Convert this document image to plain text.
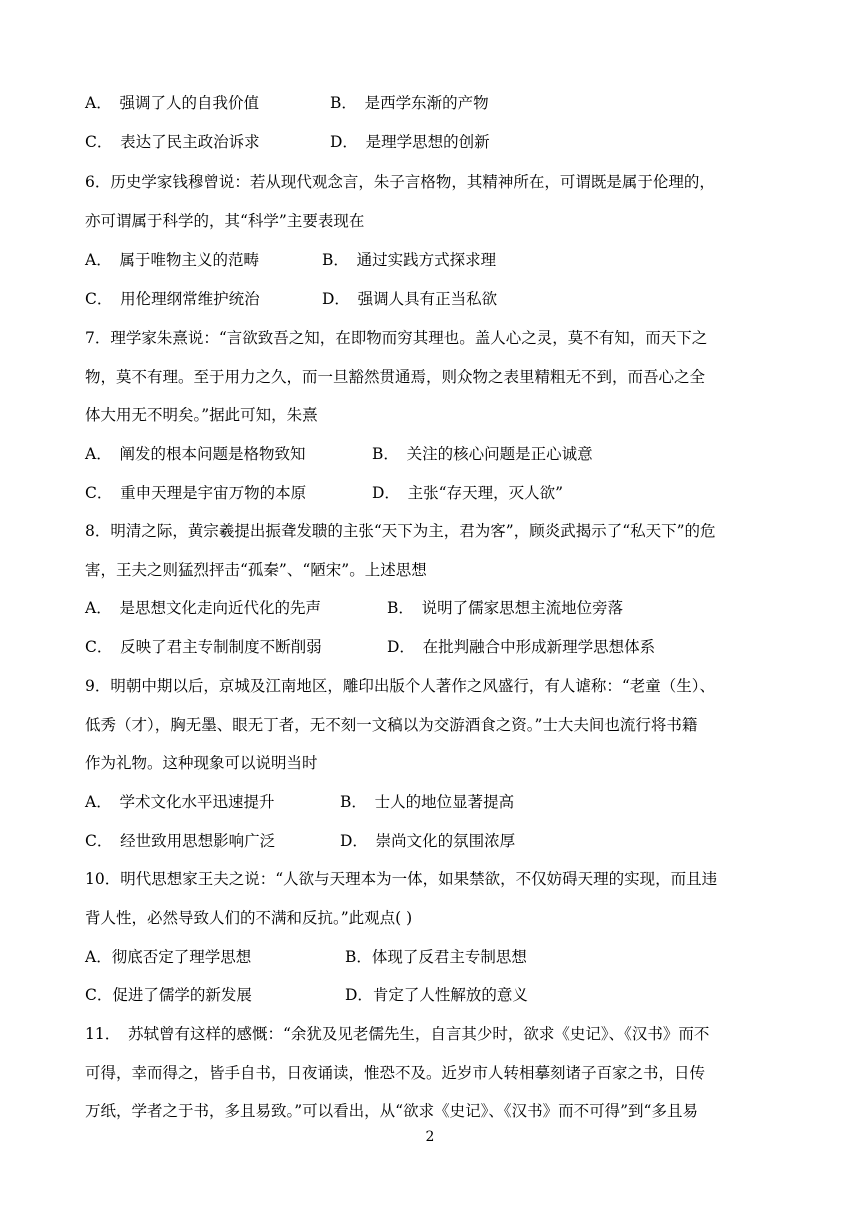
A．　强调了人的自我价值	B．　是西学东渐的产物
C．　表达了民主政治诉求	D．　是理学思想的创新
6．历史学家钱穆曾说：若从现代观念言，朱子言格物，其精神所在，可谓既是属于伦理的，
亦可谓属于科学的，其“科学”主要表现在
A．　属于唯物主义的范畴	B．　通过实践方式探求理
C．　用伦理纲常维护统治	D．　强调人具有正当私欲
7．理学家朱熹说：“言欲致吾之知，在即物而穷其理也。盖人心之灵，莫不有知，而天下之
物，莫不有理。至于用力之久，而一旦豁然贯通焉，则众物之表里精粗无不到，而吾心之全
体大用无不明矣。”据此可知，朱熹
A．　阐发的根本问题是格物致知	B．　关注的核心问题是正心诚意
C．　重申天理是宇宙万物的本原	D．　主张“存天理，灭人欲”
8．明清之际，黄宗羲提出振聋发聩的主张“天下为主，君为客”，顾炎武揭示了“私天下”的危
害，王夫之则猛烈抨击“孤秦”、“陋宋”。上述思想
A．　是思想文化走向近代化的先声	B．　说明了儒家思想主流地位旁落
C．　反映了君主专制制度不断削弱	D．　在批判融合中形成新理学思想体系
9．明朝中期以后，京城及江南地区，雕印出版个人著作之风盛行，有人谑称：“老童（生）、
低秀（才），胸无墨、眼无丁者，无不刻一文稿以为交游酒食之资。”士大夫间也流行将书籍
作为礼物。这种现象可以说明当时
A．　学术文化水平迅速提升	B．　士人的地位显著提高
C．　经世致用思想影响广泛	D．　崇尚文化的氛围浓厚
10．明代思想家王夫之说：“人欲与天理本为一体，如果禁欲，不仅妨碍天理的实现，而且违
背人性，必然导致人们的不满和反抗。”此观点( )
A．彻底否定了理学思想	B．体现了反君主专制思想
C．促进了儒学的新发展	D．肯定了人性解放的意义
11．　苏轼曾有这样的感慨：“余犹及见老儒先生，自言其少时，欲求《史记》、《汉书》而不
可得，幸而得之，皆手自书，日夜诵读，惟恐不及。近岁市人转相摹刻诸子百家之书，日传
万纸，学者之于书，多且易致。”可以看出，从“欲求《史记》、《汉书》而不可得”到“多且易
2
